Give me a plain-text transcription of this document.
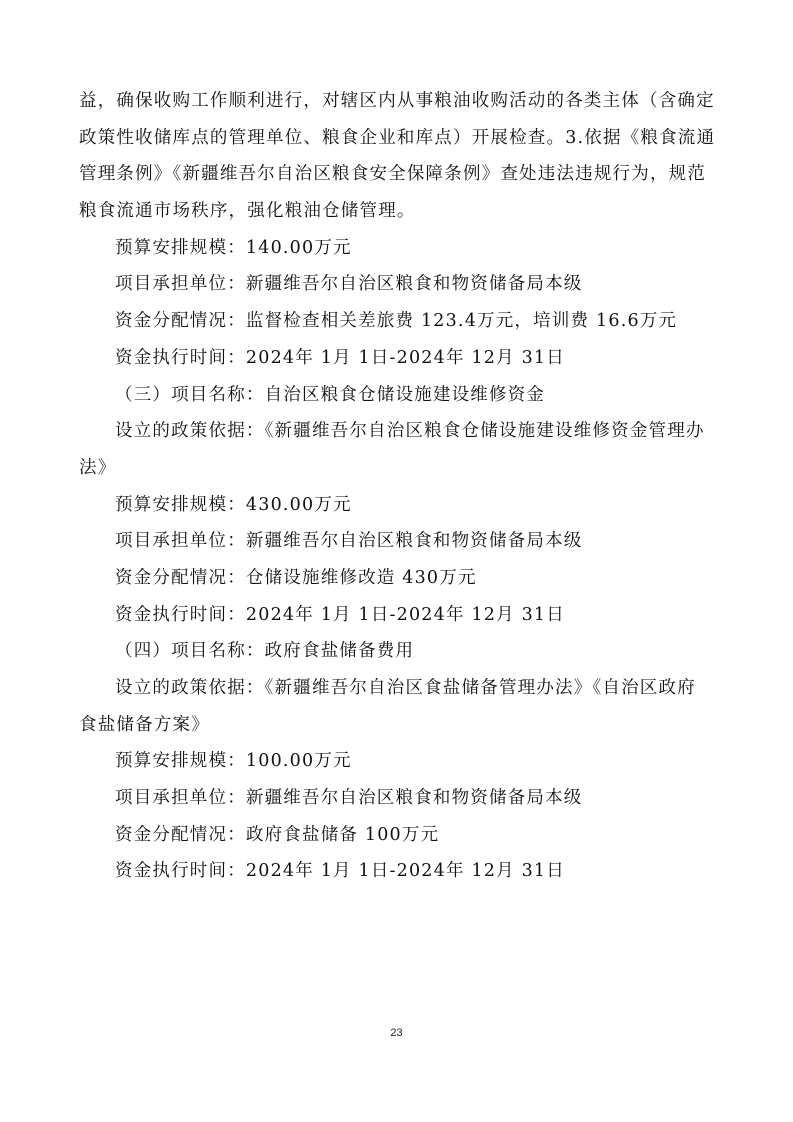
益，确保收购工作顺利进行，对辖区内从事粮油收购活动的各类主体（含确定
政策性收储库点的管理单位、粮食企业和库点）开展检查。3.依据《粮食流通
管理条例》《新疆维吾尔自治区粮食安全保障条例》查处违法违规行为，规范
粮食流通市场秩序，强化粮油仓储管理。
预算安排规模：140.00万元
项目承担单位：新疆维吾尔自治区粮食和物资储备局本级
资金分配情况：监督检查相关差旅费 123.4万元，培训费 16.6万元
资金执行时间：2024年 1月 1日-2024年 12月 31日
（三）项目名称：自治区粮食仓储设施建设维修资金
设立的政策依据：《新疆维吾尔自治区粮食仓储设施建设维修资金管理办
法》
预算安排规模：430.00万元
项目承担单位：新疆维吾尔自治区粮食和物资储备局本级
资金分配情况：仓储设施维修改造 430万元
资金执行时间：2024年 1月 1日-2024年 12月 31日
（四）项目名称：政府食盐储备费用
设立的政策依据：《新疆维吾尔自治区食盐储备管理办法》《自治区政府
食盐储备方案》
预算安排规模：100.00万元
项目承担单位：新疆维吾尔自治区粮食和物资储备局本级
资金分配情况：政府食盐储备 100万元
资金执行时间：2024年 1月 1日-2024年 12月 31日
23
